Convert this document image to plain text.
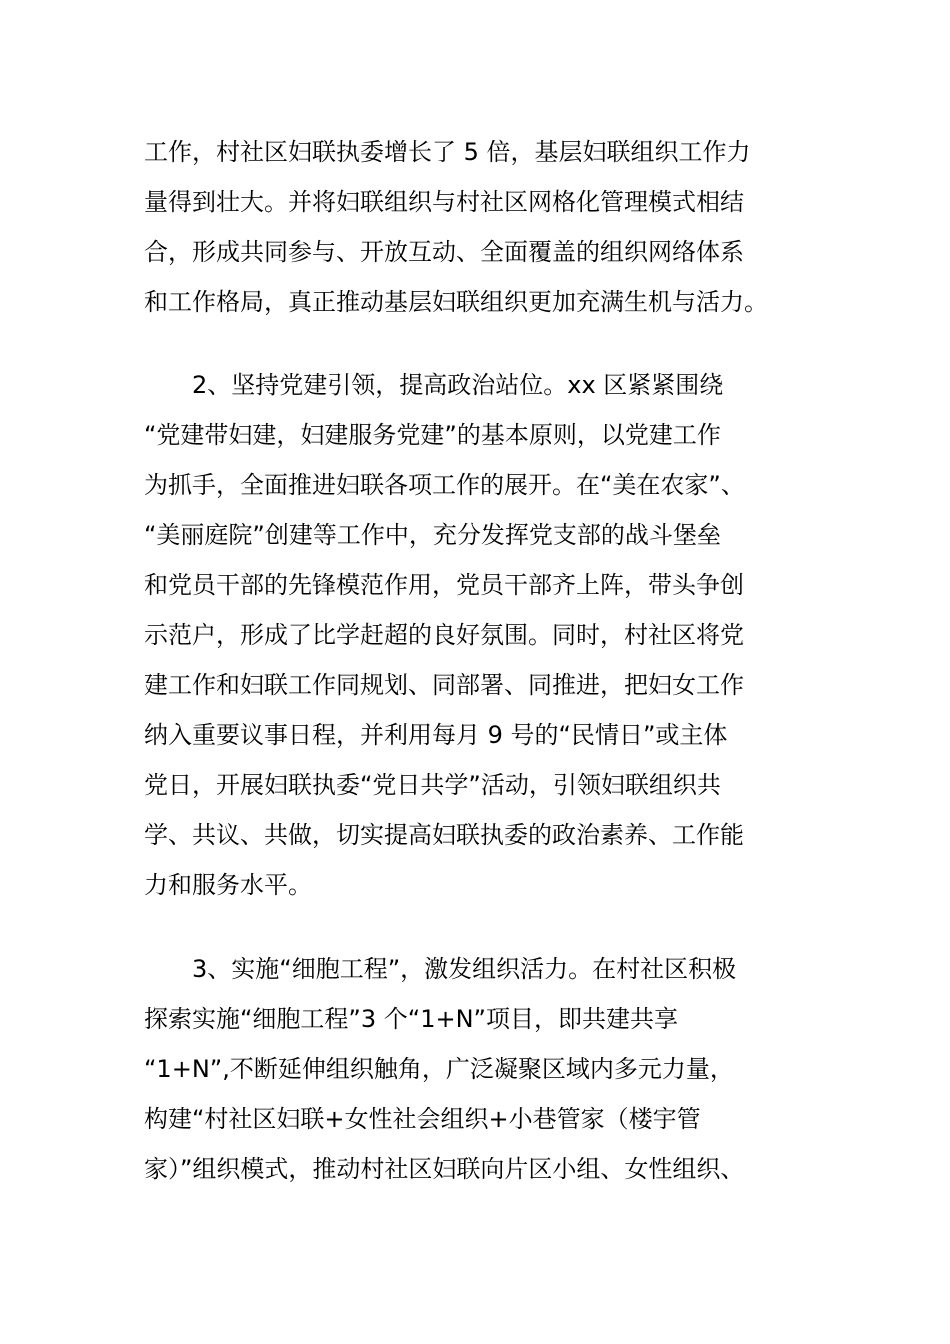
工作，村社区妇联执委增长了 5 倍，基层妇联组织工作力
量得到壮大。并将妇联组织与村社区网格化管理模式相结
合，形成共同参与、开放互动、全面覆盖的组织网络体系
和工作格局，真正推动基层妇联组织更加充满生机与活力。
2、坚持党建引领，提高政治站位。xx 区紧紧围绕
“党建带妇建，妇建服务党建”的基本原则，以党建工作
为抓手，全面推进妇联各项工作的展开。在“美在农家”、
“美丽庭院”创建等工作中，充分发挥党支部的战斗堡垒
和党员干部的先锋模范作用，党员干部齐上阵，带头争创
示范户，形成了比学赶超的良好氛围。同时，村社区将党
建工作和妇联工作同规划、同部署、同推进，把妇女工作
纳入重要议事日程，并利用每月 9 号的“民情日”或主体
党日，开展妇联执委“党日共学”活动，引领妇联组织共
学、共议、共做，切实提高妇联执委的政治素养、工作能
力和服务水平。
3、实施“细胞工程”，激发组织活力。在村社区积极
探索实施“细胞工程”3 个“1+N”项目，即共建共享
“1+N”,不断延伸组织触角，广泛凝聚区域内多元力量，
构建“村社区妇联+女性社会组织+小巷管家（楼宇管
家）”组织模式，推动村社区妇联向片区小组、女性组织、
